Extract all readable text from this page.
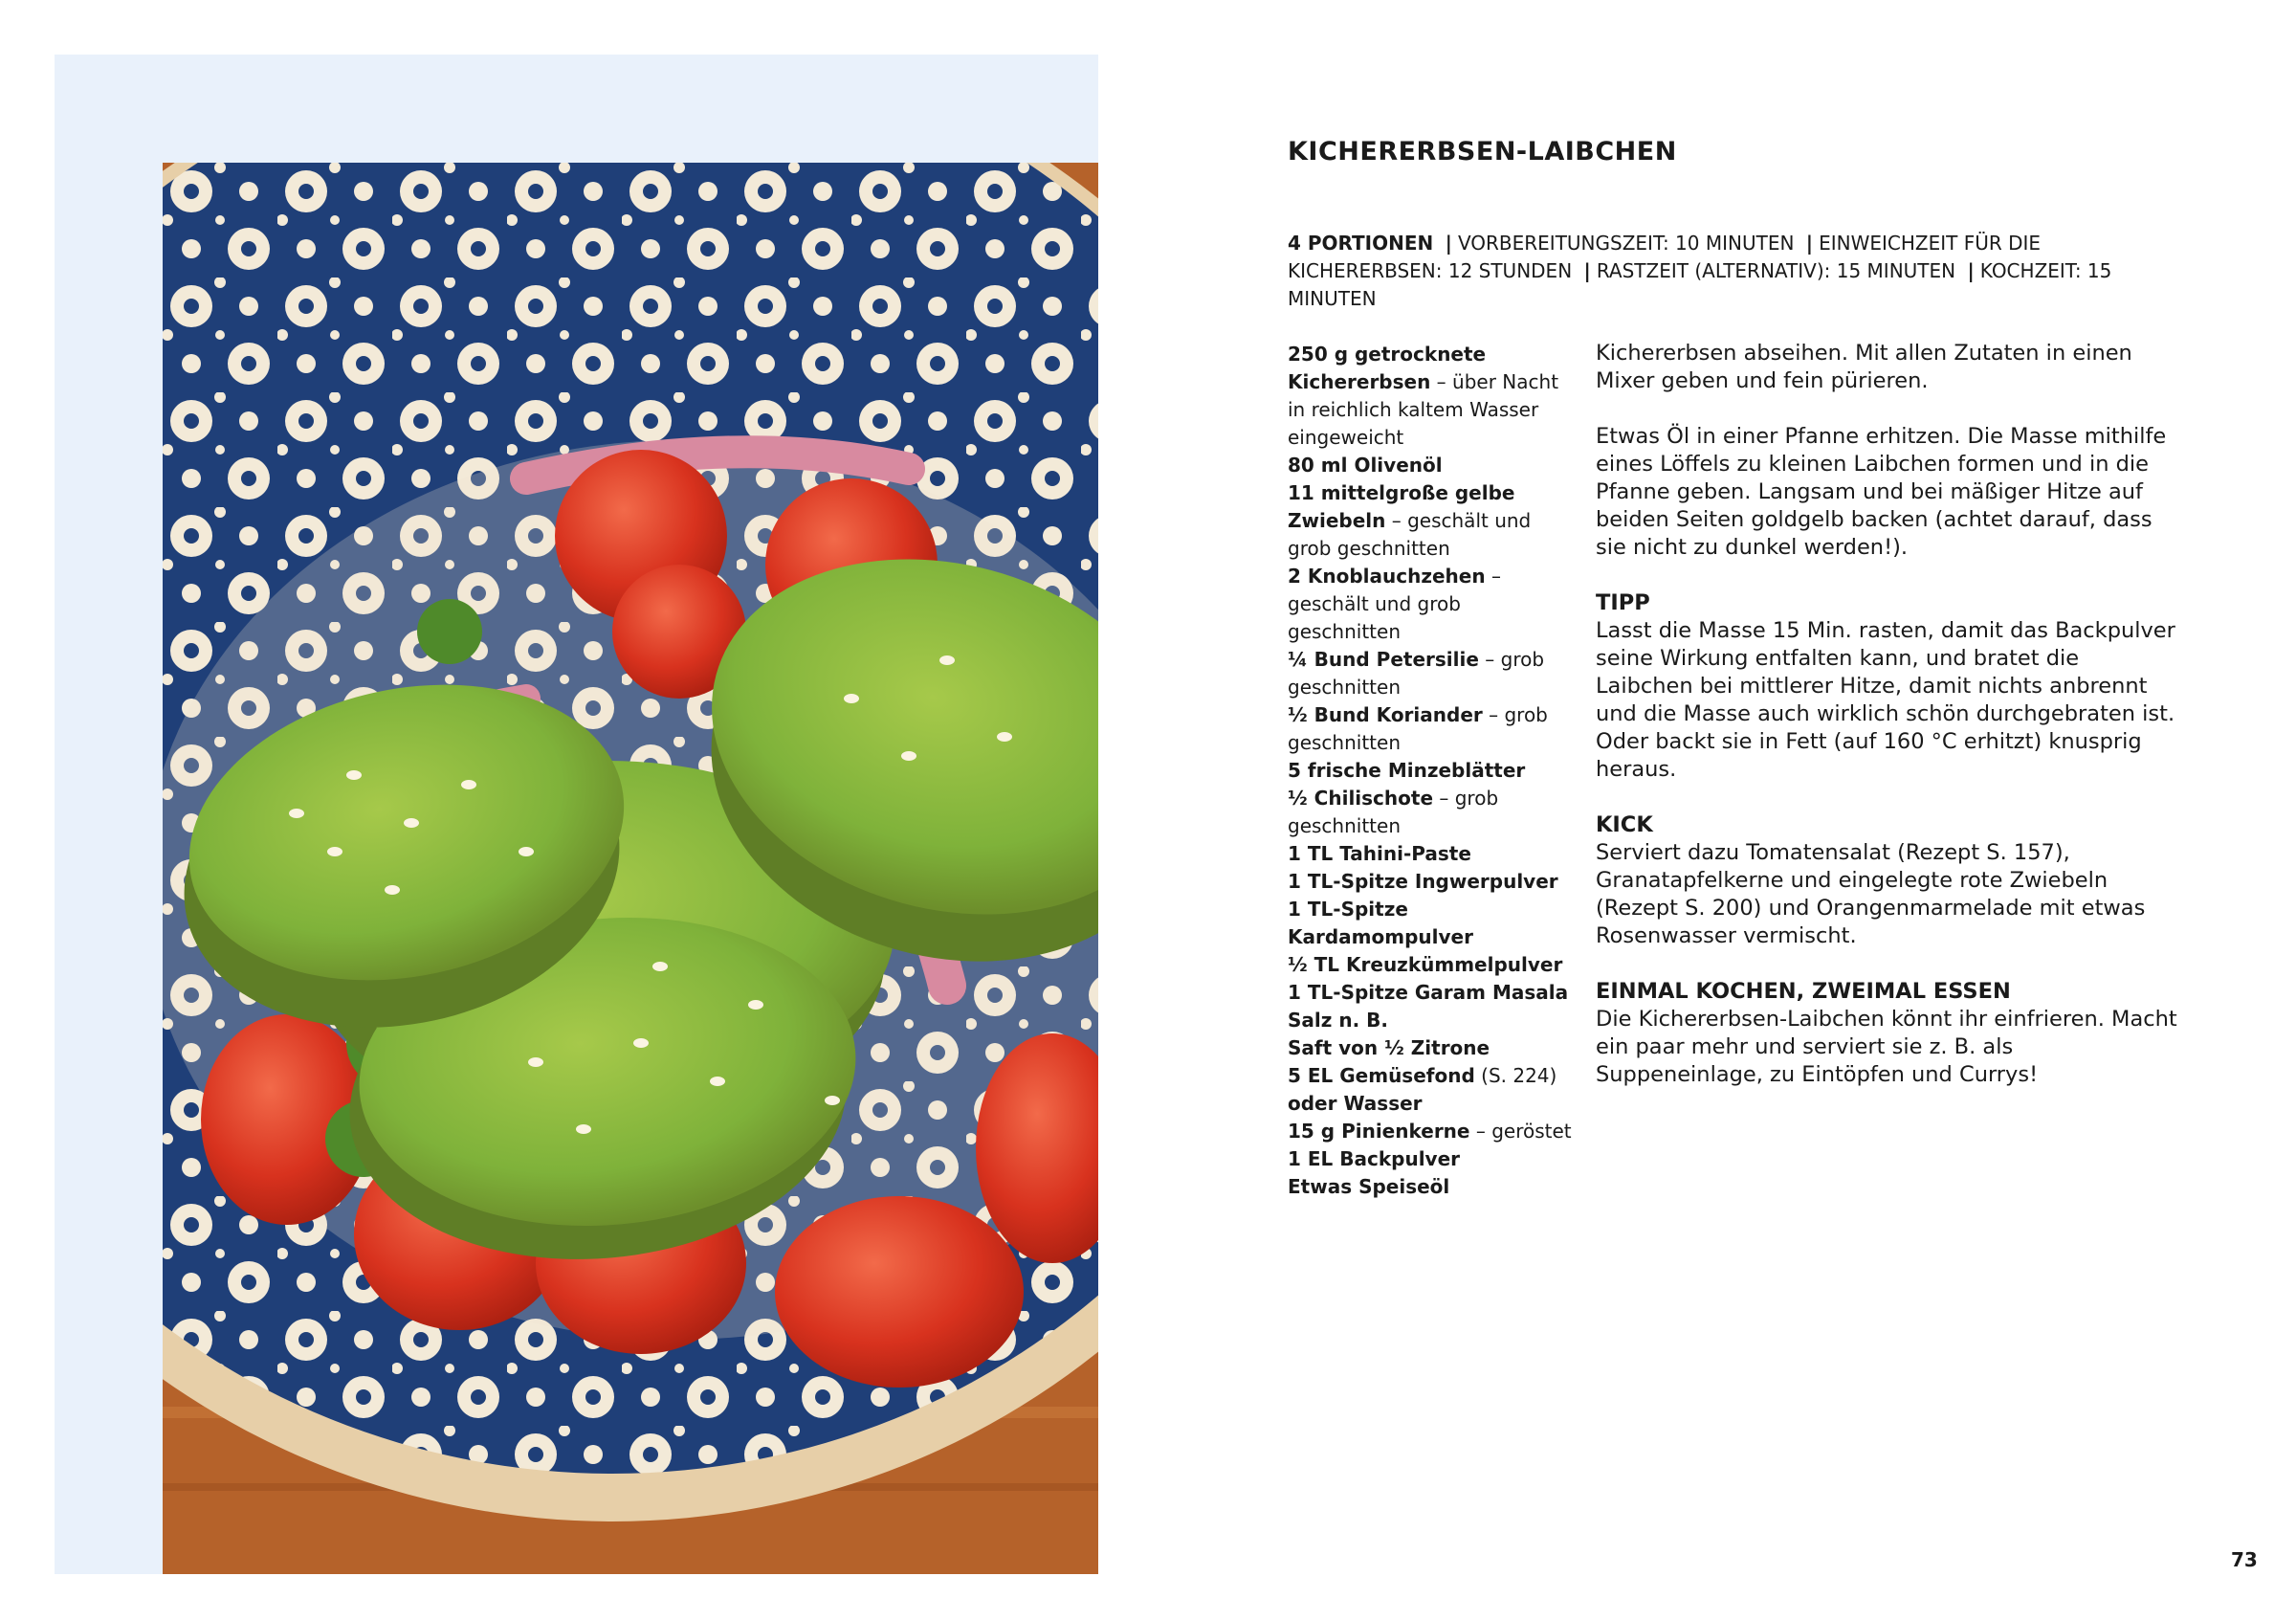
KICHERERBSEN-LAIBCHEN
4 PORTIONEN | VORBEREITUNGSZEIT: 10 MINUTEN | EINWEICHZEIT FÜR DIE KICHERERBSEN: 12 STUNDEN | RASTZEIT (ALTERNATIV): 15 MINUTEN | KOCHZEIT: 15 MINUTEN
250 g getrocknete Kichererbsen – über Nacht in reichlich kaltem Wasser eingeweicht
80 ml Olivenöl
11 mittelgroße gelbe Zwiebeln – geschält und grob geschnitten
2 Knoblauchzehen – geschält und grob geschnitten
¼ Bund Petersilie – grob geschnitten
½ Bund Koriander – grob geschnitten
5 frische Minzeblätter
½ Chilischote – grob geschnitten
1 TL Tahini-Paste
1 TL-Spitze Ingwerpulver
1 TL-Spitze Kardamompulver
½ TL Kreuzkümmelpulver
1 TL-Spitze Garam Masala
Salz n. B.
Saft von ½ Zitrone
5 EL Gemüsefond (S. 224)
oder Wasser
15 g Pinienkerne – geröstet
1 EL Backpulver
Etwas Speiseöl

Kichererbsen abseihen. Mit allen Zutaten in einen Mixer geben und fein pürieren.

Etwas Öl in einer Pfanne erhitzen. Die Masse mithilfe eines Löffels zu kleinen Laibchen formen und in die Pfanne geben. Langsam und bei mäßiger Hitze auf beiden Seiten goldgelb backen (achtet darauf, dass sie nicht zu dunkel werden!).

TIPP

Lasst die Masse 15 Min. rasten, damit das Backpulver seine Wirkung entfalten kann, und bratet die Laibchen bei mittlerer Hitze, damit nichts anbrennt und die Masse auch wirklich schön durchgebraten ist. Oder backt sie in Fett (auf 160 °C erhitzt) knusprig heraus.

KICK

Serviert dazu Tomatensalat (Rezept S. 157), Granatapfelkerne und eingelegte rote Zwiebeln (Rezept S. 200) und Orangenmarmelade mit etwas Rosenwasser vermischt.

EINMAL KOCHEN, ZWEIMAL ESSEN

Die Kichererbsen-Laibchen könnt ihr einfrieren. Macht ein paar mehr und serviert sie z. B. als Suppeneinlage, zu Eintöpfen und Currys!

73
